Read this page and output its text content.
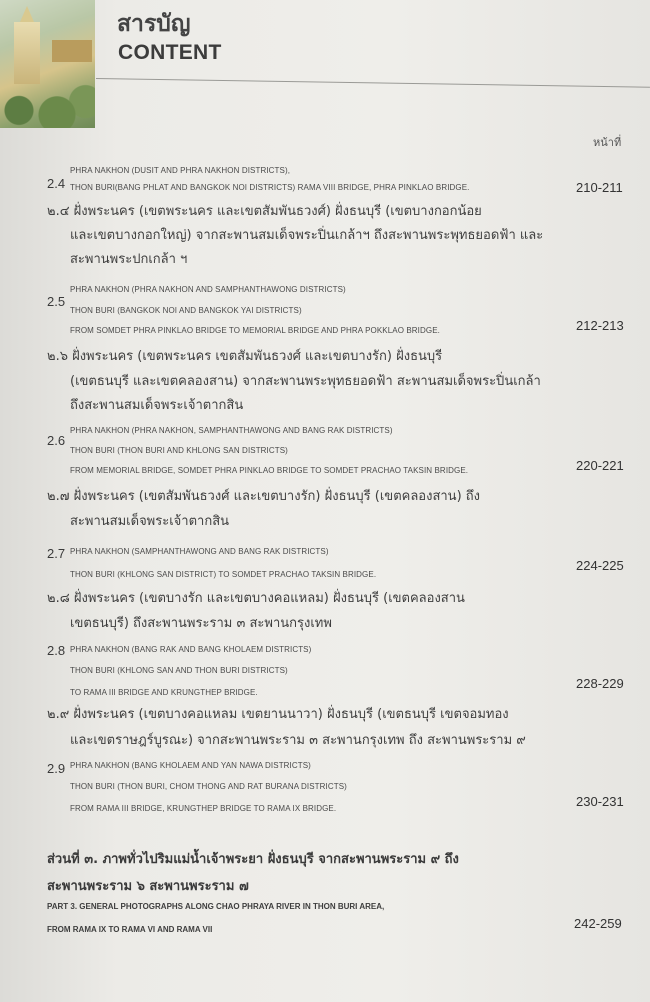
สารบัญ
CONTENT
หน้าที่
2.4
PHRA NAKHON (DUSIT AND PHRA NAKHON DISTRICTS),
THON BURI(BANG PHLAT AND BANGKOK NOI DISTRICTS) RAMA VIII BRIDGE, PHRA PINKLAO BRIDGE.	210-211
๒.๔ ฝั่งพระนคร (เขตพระนคร และเขตสัมพันธวงศ์) ฝั่งธนบุรี (เขตบางกอกน้อย
และเขตบางกอกใหญ่) จากสะพานสมเด็จพระปิ่นเกล้าฯ ถึงสะพานพระพุทธยอดฟ้า และ
สะพานพระปกเกล้า ฯ
2.5
PHRA NAKHON (PHRA NAKHON AND SAMPHANTHAWONG DISTRICTS)
THON BURI (BANGKOK NOI AND BANGKOK YAI DISTRICTS)
FROM SOMDET PHRA PINKLAO BRIDGE TO MEMORIAL BRIDGE AND PHRA POKKLAO BRIDGE.	212-213
๒.๖ ฝั่งพระนคร (เขตพระนคร เขตสัมพันธวงศ์ และเขตบางรัก) ฝั่งธนบุรี
(เขตธนบุรี และเขตคลองสาน) จากสะพานพระพุทธยอดฟ้า สะพานสมเด็จพระปิ่นเกล้า
ถึงสะพานสมเด็จพระเจ้าตากสิน
2.6
PHRA NAKHON (PHRA NAKHON, SAMPHANTHAWONG AND BANG RAK DISTRICTS)
THON BURI (THON BURI AND KHLONG SAN DISTRICTS)
FROM MEMORIAL BRIDGE, SOMDET PHRA PINKLAO BRIDGE TO SOMDET PRACHAO TAKSIN BRIDGE.	220-221
๒.๗ ฝั่งพระนคร (เขตสัมพันธวงศ์ และเขตบางรัก) ฝั่งธนบุรี (เขตคลองสาน) ถึง
สะพานสมเด็จพระเจ้าตากสิน
2.7 PHRA NAKHON (SAMPHANTHAWONG AND BANG RAK DISTRICTS)
THON BURI (KHLONG SAN DISTRICT) TO SOMDET PRACHAO TAKSIN BRIDGE.
224-225
๒.๘ ฝั่งพระนคร (เขตบางรัก และเขตบางคอแหลม) ฝั่งธนบุรี (เขตคลองสาน
เขตธนบุรี) ถึงสะพานพระราม ๓ สะพานกรุงเทพ
2.8 PHRA NAKHON (BANG RAK AND BANG KHOLAEM DISTRICTS)
THON BURI (KHLONG SAN AND THON BURI DISTRICTS)
TO RAMA III BRIDGE AND KRUNGTHEP BRIDGE.
228-229
๒.๙ ฝั่งพระนคร (เขตบางคอแหลม เขตยานนาวา) ฝั่งธนบุรี (เขตธนบุรี เขตจอมทอง
และเขตราษฎร์บูรณะ) จากสะพานพระราม ๓ สะพานกรุงเทพ ถึง สะพานพระราม ๙
2.9 PHRA NAKHON (BANG KHOLAEM AND YAN NAWA DISTRICTS)
THON BURI (THON BURI, CHOM THONG AND RAT BURANA DISTRICTS)
FROM RAMA III BRIDGE, KRUNGTHEP BRIDGE TO RAMA IX BRIDGE.	230-231
ส่วนที่ ๓. ภาพทั่วไปริมแม่น้ำเจ้าพระยา ฝั่งธนบุรี จากสะพานพระราม ๙ ถึง
สะพานพระราม ๖ สะพานพระราม ๗
PART 3. GENERAL PHOTOGRAPHS ALONG CHAO PHRAYA RIVER IN THON BURI AREA,
FROM RAMA IX TO RAMA VI AND RAMA VII	242-259
